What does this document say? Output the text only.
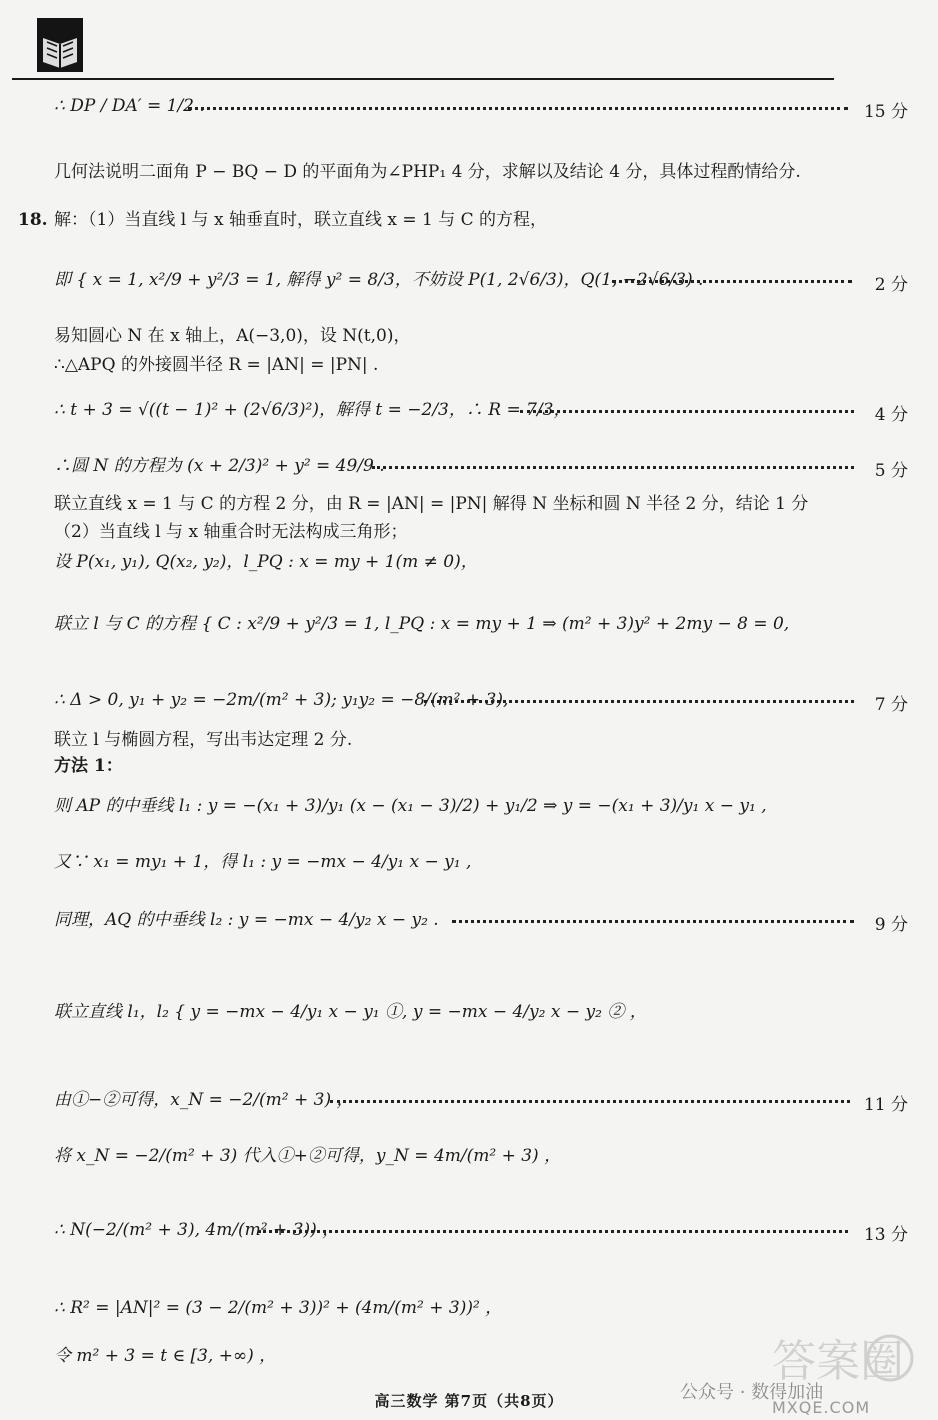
∴ DP / DA′ = 1/2 .	15 分
几何法说明二面角 P − BQ − D 的平面角为∠PHP₁ 4 分，求解以及结论 4 分，具体过程酌情给分.
18. 解：（1）当直线 l 与 x 轴垂直时，联立直线 x = 1 与 C 的方程，
即 { x = 1, x²/9 + y²/3 = 1, 解得 y² = 8/3，不妨设 P(1, 2√6/3)，Q(1, −2√6/3) .	2 分
易知圆心 N 在 x 轴上，A(−3,0)，设 N(t,0)，
∴△APQ 的外接圆半径 R = |AN| = |PN| .
∴ t + 3 = √((t − 1)² + (2√6/3)²)，解得 t = −2/3，∴ R = 7/3，	4 分
∴圆 N 的方程为 (x + 2/3)² + y² = 49/9 .	5 分
联立直线 x = 1 与 C 的方程 2 分，由 R = |AN| = |PN| 解得 N 坐标和圆 N 半径 2 分，结论 1 分
（2）当直线 l 与 x 轴重合时无法构成三角形；
设 P(x₁, y₁), Q(x₂, y₂)，l_PQ : x = my + 1(m ≠ 0)，
联立 l 与 C 的方程 { C : x²/9 + y²/3 = 1, l_PQ : x = my + 1 ⇒ (m² + 3)y² + 2my − 8 = 0,
∴ Δ > 0, y₁ + y₂ = −2m/(m² + 3); y₁y₂ = −8/(m² + 3),	7 分
联立 l 与椭圆方程，写出韦达定理 2 分.
方法 1：
则 AP 的中垂线 l₁ : y = −(x₁ + 3)/y₁ (x − (x₁ − 3)/2) + y₁/2 ⇒ y = −(x₁ + 3)/y₁ x − y₁ ,
又∵ x₁ = my₁ + 1，得 l₁ : y = −mx − 4/y₁ x − y₁ ,
同理，AQ 的中垂线 l₂ : y = −mx − 4/y₂ x − y₂ .	9 分
联立直线 l₁，l₂ { y = −mx − 4/y₁ x − y₁ ①, y = −mx − 4/y₂ x − y₂ ② ，
由①−②可得，x_N = −2/(m² + 3) ，	11 分
将 x_N = −2/(m² + 3) 代入①+②可得，y_N = 4m/(m² + 3) ，
∴ N(−2/(m² + 3), 4m/(m² + 3)) ，	13 分
∴ R² = |AN|² = (3 − 2/(m² + 3))² + (4m/(m² + 3))² ，
令 m² + 3 = t ∈ [3, +∞) ，
高三数学 第7页（共8页）	公众号 · 数得加油
答案圈
MXQE.COM
